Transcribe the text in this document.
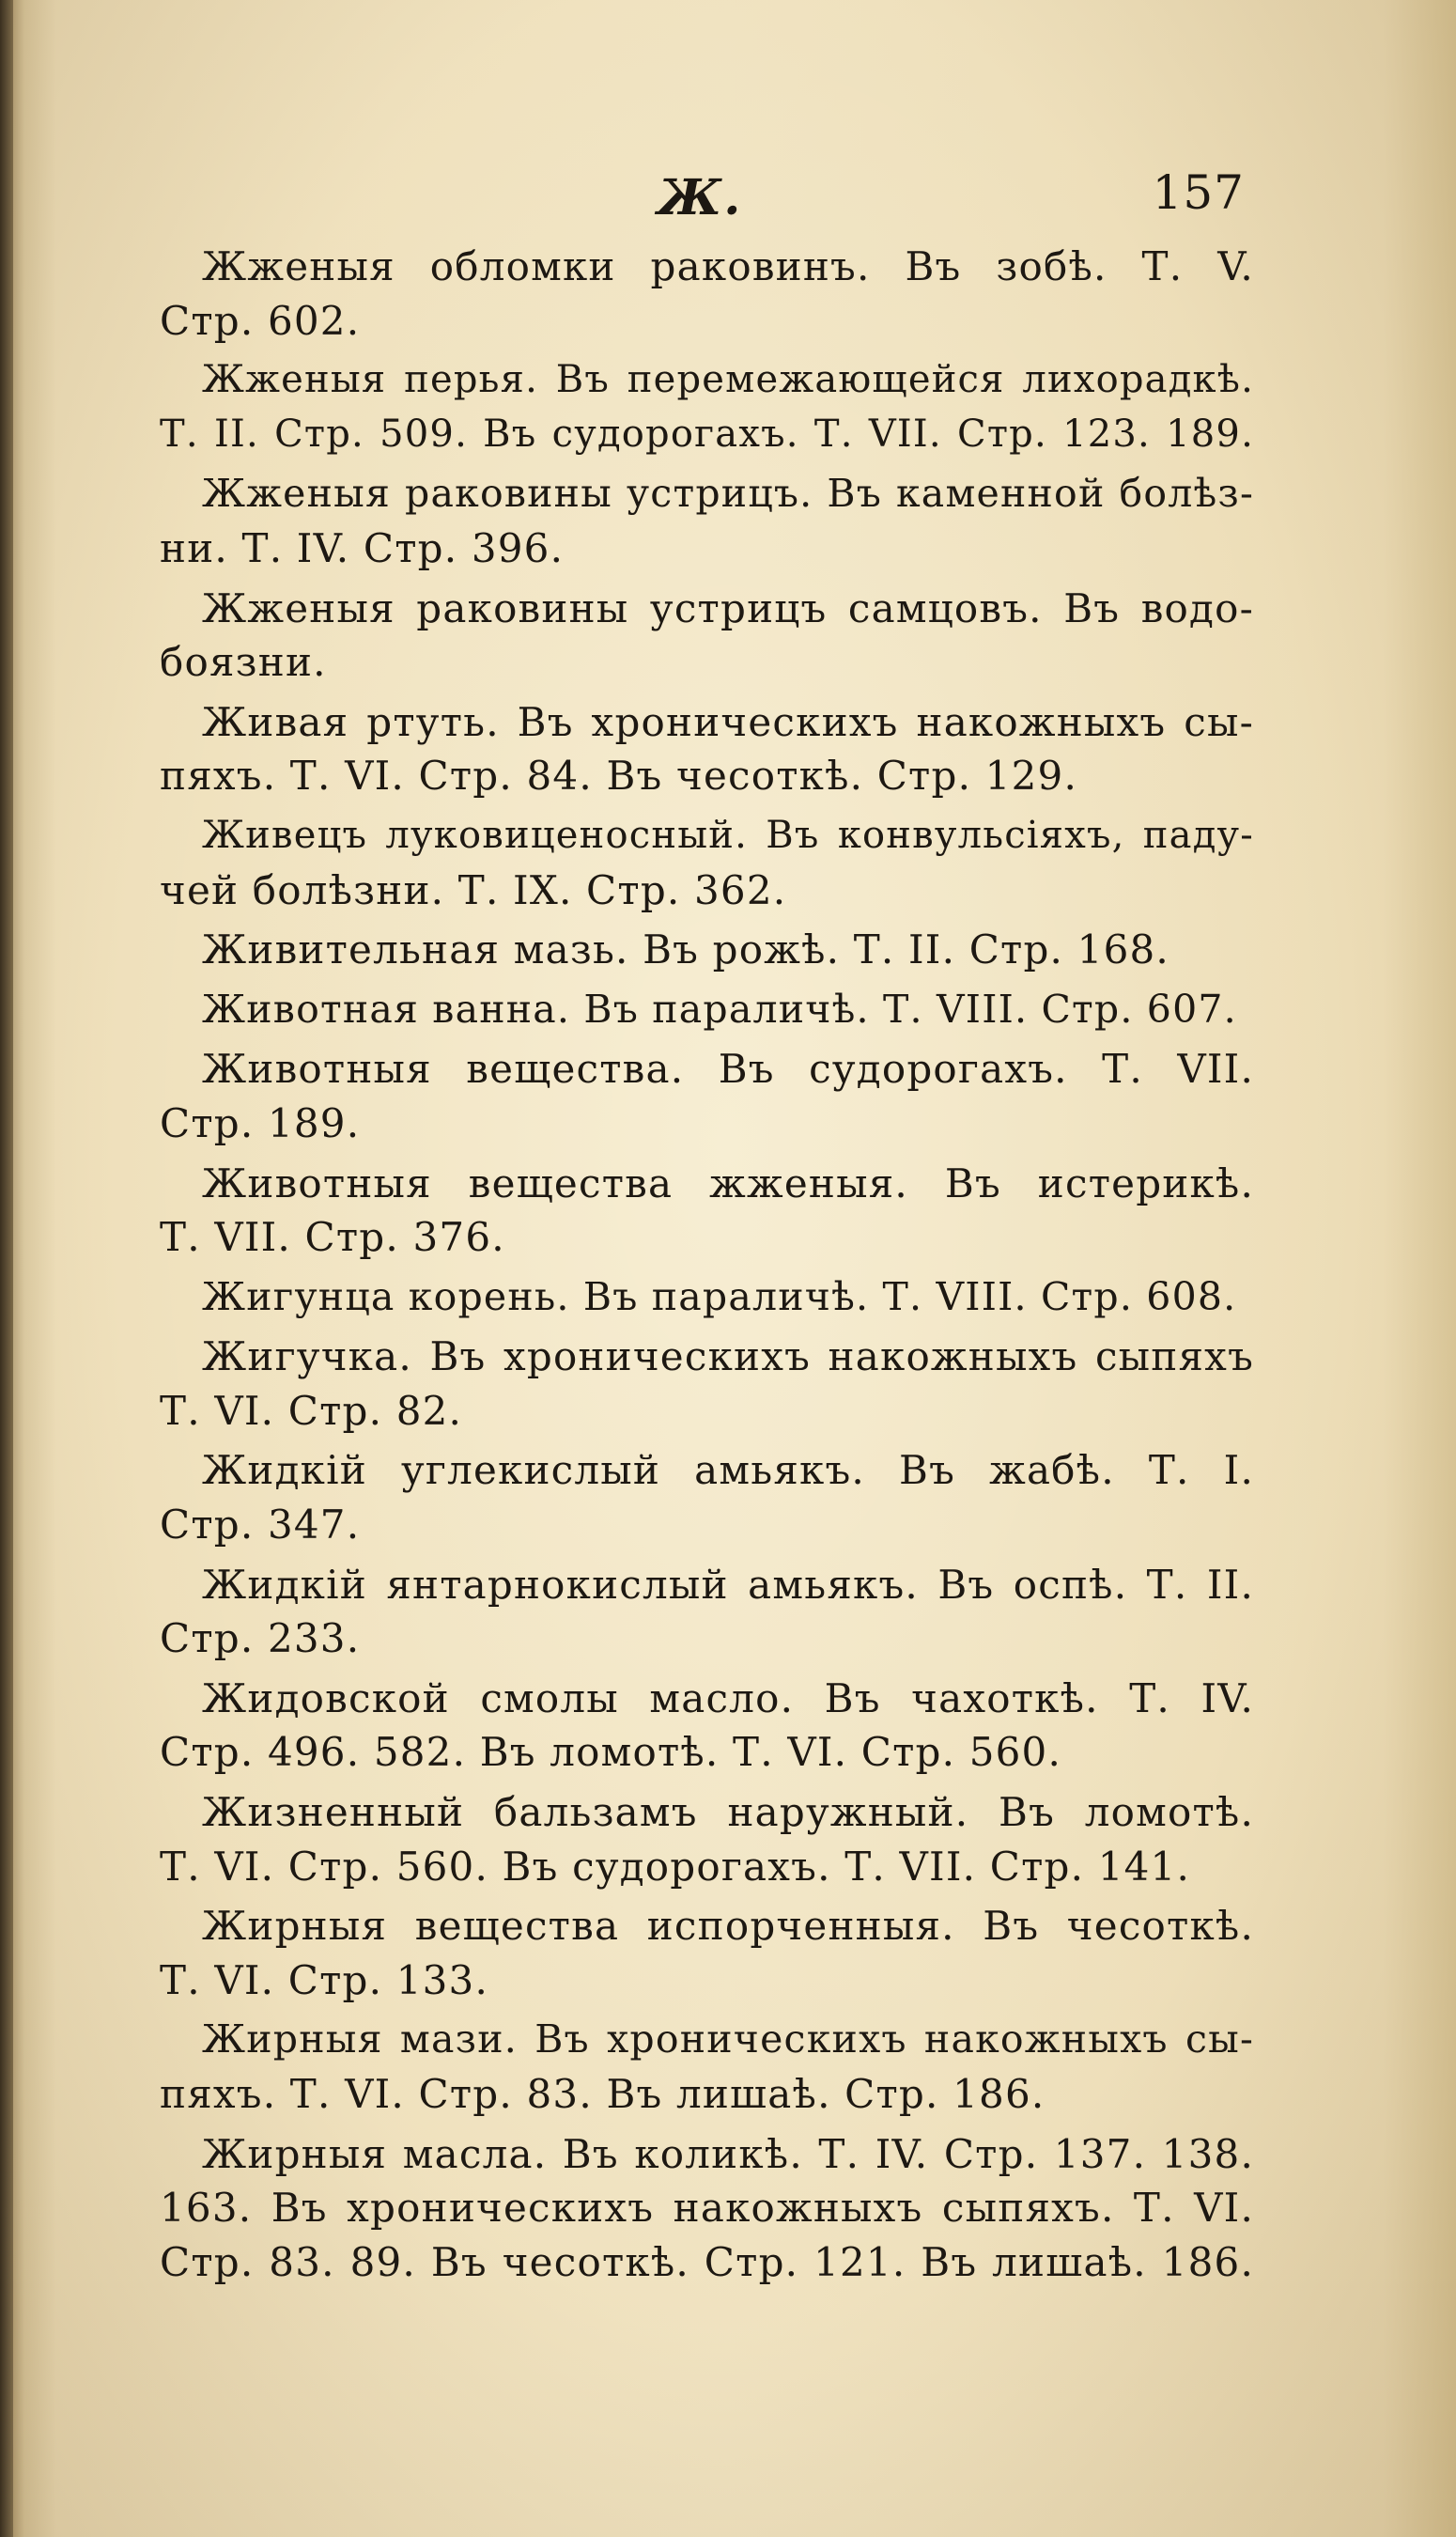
Ж.	157
Жженыя обломки раковинъ. Въ зобѣ. Т. V.
Стр. 602.
Жженыя перья. Въ перемежающейся лихорадкѣ.
Т. II. Стр. 509. Въ судорогахъ. Т. VII. Стр. 123. 189.
Жженыя раковины устрицъ. Въ каменной болѣз-
ни. Т. IV. Стр. 396.
Жженыя раковины устрицъ самцовъ. Въ водо-
боязни.
Живая ртуть. Въ хроническихъ накожныхъ сы-
пяхъ. Т. VI. Стр. 84. Въ чесоткѣ. Стр. 129.
Живецъ луковиценосный. Въ конвульсіяхъ, паду-
чей болѣзни. Т. IX. Стр. 362.
Живительная мазь. Въ рожѣ. Т. II. Стр. 168.
Животная ванна. Въ параличѣ. Т. VIII. Стр. 607.
Животныя вещества. Въ судорогахъ. Т. VII.
Стр. 189.
Животныя вещества жженыя. Въ истерикѣ.
Т. VII. Стр. 376.
Жигунца корень. Въ параличѣ. Т. VIII. Стр. 608.
Жигучка. Въ хроническихъ накожныхъ сыпяхъ
Т. VI. Стр. 82.
Жидкій углекислый амьякъ. Въ жабѣ. Т. I.
Стр. 347.
Жидкій янтарнокислый амьякъ. Въ оспѣ. Т. II.
Стр. 233.
Жидовской смолы масло. Въ чахоткѣ. Т. IV.
Стр. 496. 582. Въ ломотѣ. Т. VI. Стр. 560.
Жизненный бальзамъ наружный. Въ ломотѣ.
Т. VI. Стр. 560. Въ судорогахъ. Т. VII. Стр. 141.
Жирныя вещества испорченныя. Въ чесоткѣ.
Т. VI. Стр. 133.
Жирныя мази. Въ хроническихъ накожныхъ сы-
пяхъ. Т. VI. Стр. 83. Въ лишаѣ. Стр. 186.
Жирныя масла. Въ коликѣ. Т. IV. Стр. 137. 138.
163. Въ хроническихъ накожныхъ сыпяхъ. Т. VI.
Стр. 83. 89. Въ чесоткѣ. Стр. 121. Въ лишаѣ. 186.
